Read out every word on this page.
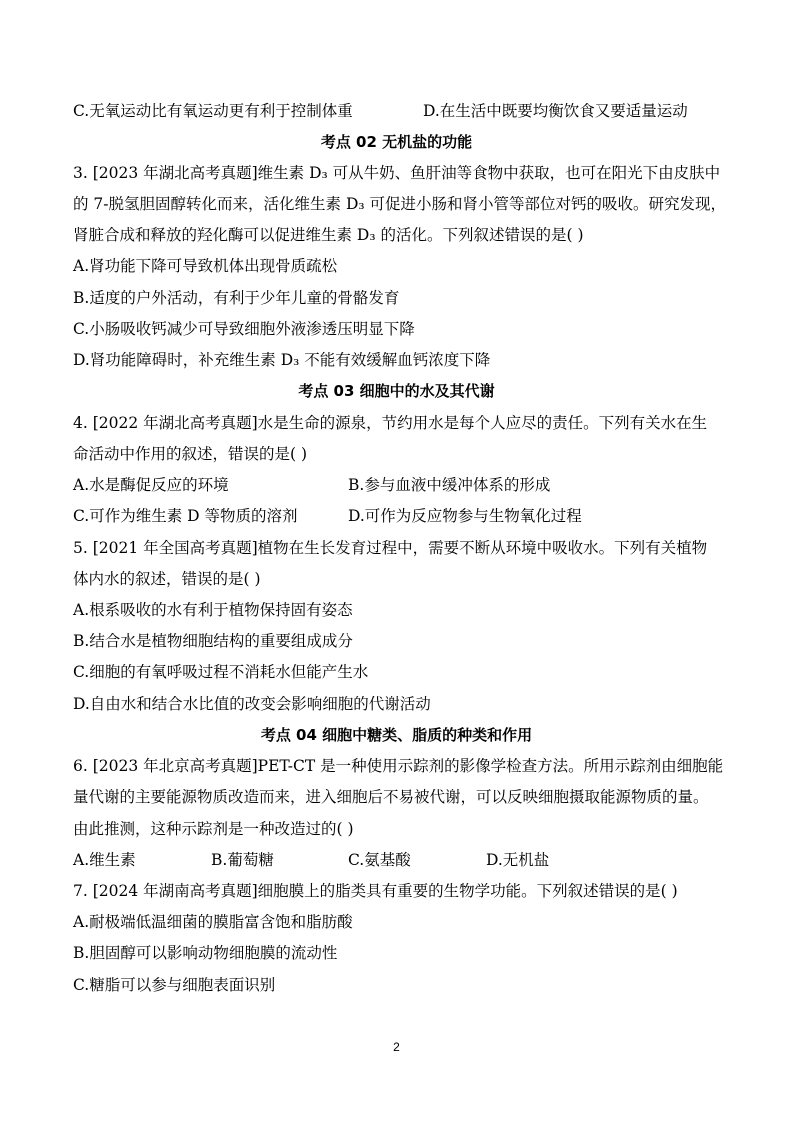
C.无氧运动比有氧运动更有利于控制体重	D.在生活中既要均衡饮食又要适量运动
考点 02 无机盐的功能
3. [2023 年湖北高考真题]维生素 D₃ 可从牛奶、鱼肝油等食物中获取，也可在阳光下由皮肤中
的 7-脱氢胆固醇转化而来，活化维生素 D₃ 可促进小肠和肾小管等部位对钙的吸收。研究发现，
肾脏合成和释放的羟化酶可以促进维生素 D₃ 的活化。下列叙述错误的是( )
A.肾功能下降可导致机体出现骨质疏松
B.适度的户外活动，有利于少年儿童的骨骼发育
C.小肠吸收钙减少可导致细胞外液渗透压明显下降
D.肾功能障碍时，补充维生素 D₃ 不能有效缓解血钙浓度下降
考点 03 细胞中的水及其代谢
4. [2022 年湖北高考真题]水是生命的源泉，节约用水是每个人应尽的责任。下列有关水在生
命活动中作用的叙述，错误的是( )
A.水是酶促反应的环境	B.参与血液中缓冲体系的形成
C.可作为维生素 D 等物质的溶剂	D.可作为反应物参与生物氧化过程
5. [2021 年全国高考真题]植物在生长发育过程中，需要不断从环境中吸收水。下列有关植物
体内水的叙述，错误的是( )
A.根系吸收的水有利于植物保持固有姿态
B.结合水是植物细胞结构的重要组成成分
C.细胞的有氧呼吸过程不消耗水但能产生水
D.自由水和结合水比值的改变会影响细胞的代谢活动
考点 04 细胞中糖类、脂质的种类和作用
6. [2023 年北京高考真题]PET-CT 是一种使用示踪剂的影像学检查方法。所用示踪剂由细胞能
量代谢的主要能源物质改造而来，进入细胞后不易被代谢，可以反映细胞摄取能源物质的量。
由此推测，这种示踪剂是一种改造过的( )
A.维生素	B.葡萄糖	C.氨基酸	D.无机盐
7. [2024 年湖南高考真题]细胞膜上的脂类具有重要的生物学功能。下列叙述错误的是( )
A.耐极端低温细菌的膜脂富含饱和脂肪酸
B.胆固醇可以影响动物细胞膜的流动性
C.糖脂可以参与细胞表面识别
2
